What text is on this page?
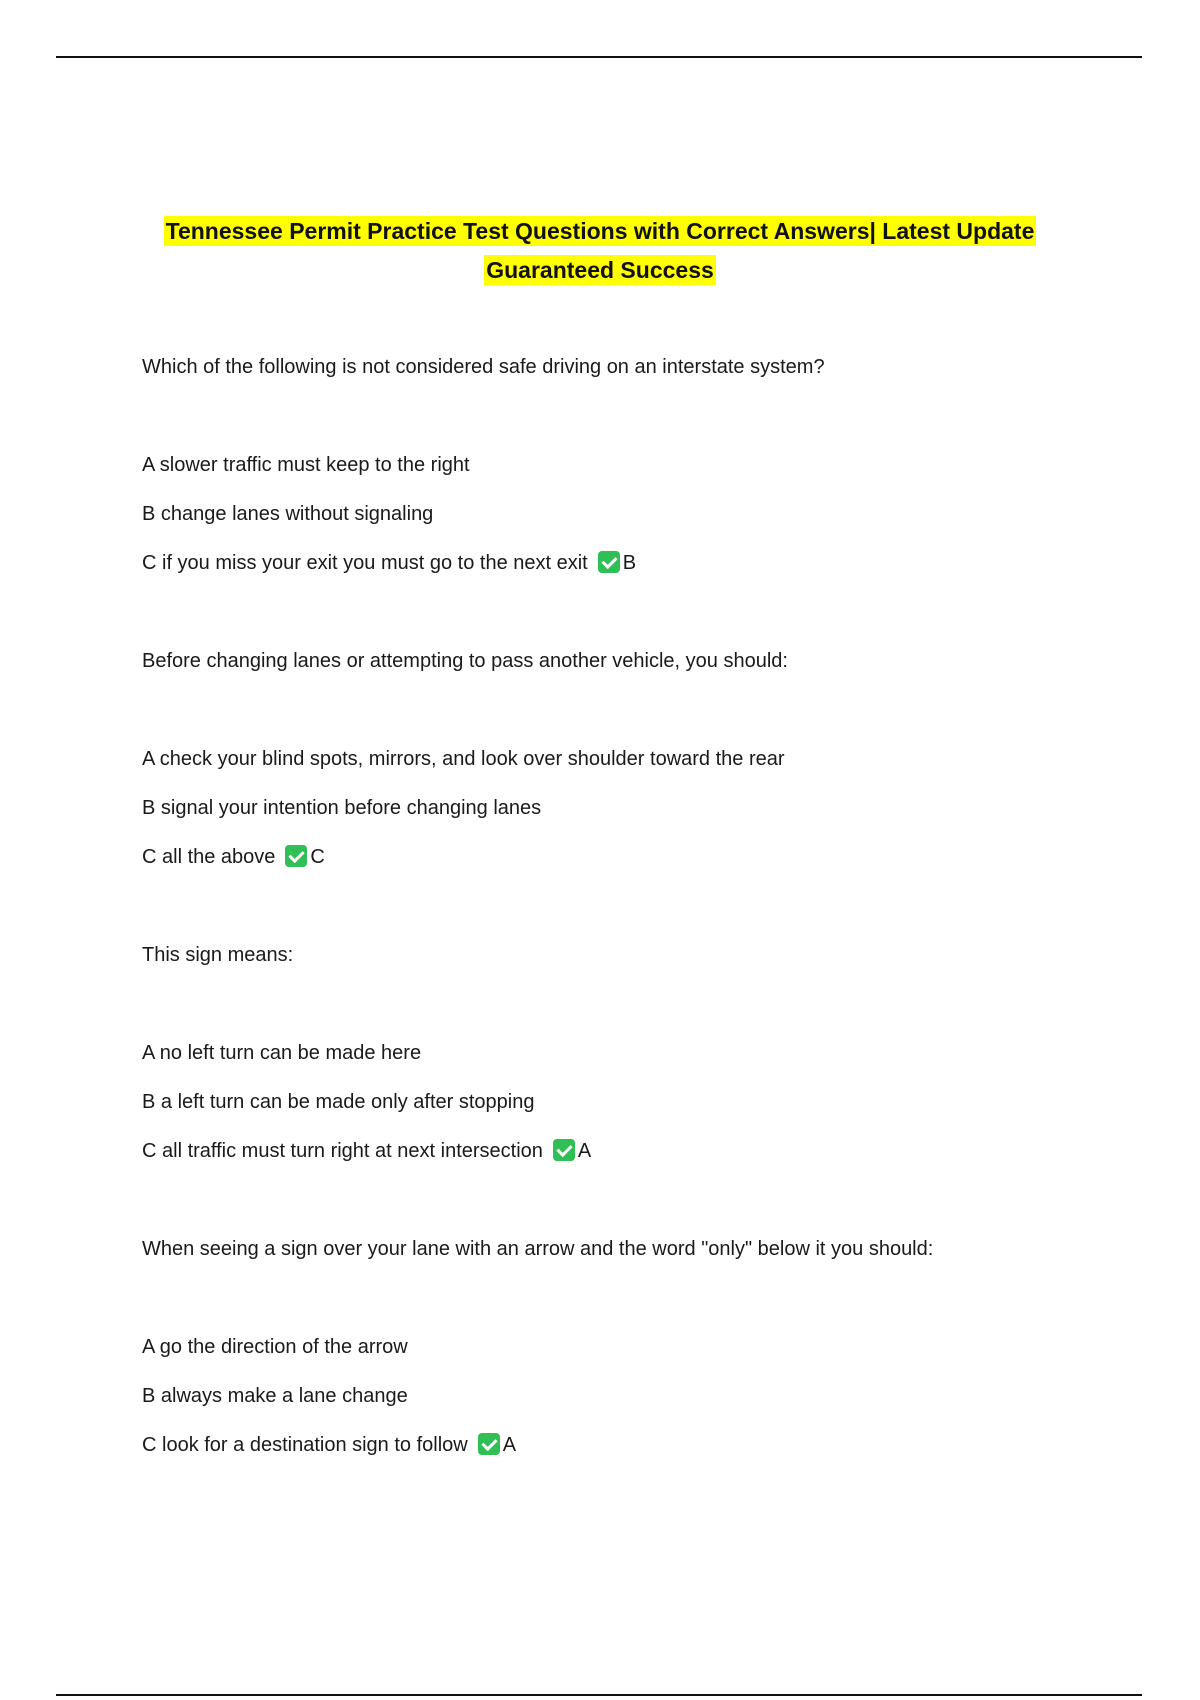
Tennessee Permit Practice Test Questions with Correct Answers| Latest Update
Guaranteed Success

Which of the following is not considered safe driving on an interstate system?

A slower traffic must keep to the right

B change lanes without signaling

C if you miss your exit you must go to the next exit B

Before changing lanes or attempting to pass another vehicle, you should:

A check your blind spots, mirrors, and look over shoulder toward the rear

B signal your intention before changing lanes

C all the above C

This sign means:

A no left turn can be made here

B a left turn can be made only after stopping

C all traffic must turn right at next intersection A

When seeing a sign over your lane with an arrow and the word "only" below it you should:

A go the direction of the arrow

B always make a lane change

C look for a destination sign to follow A
